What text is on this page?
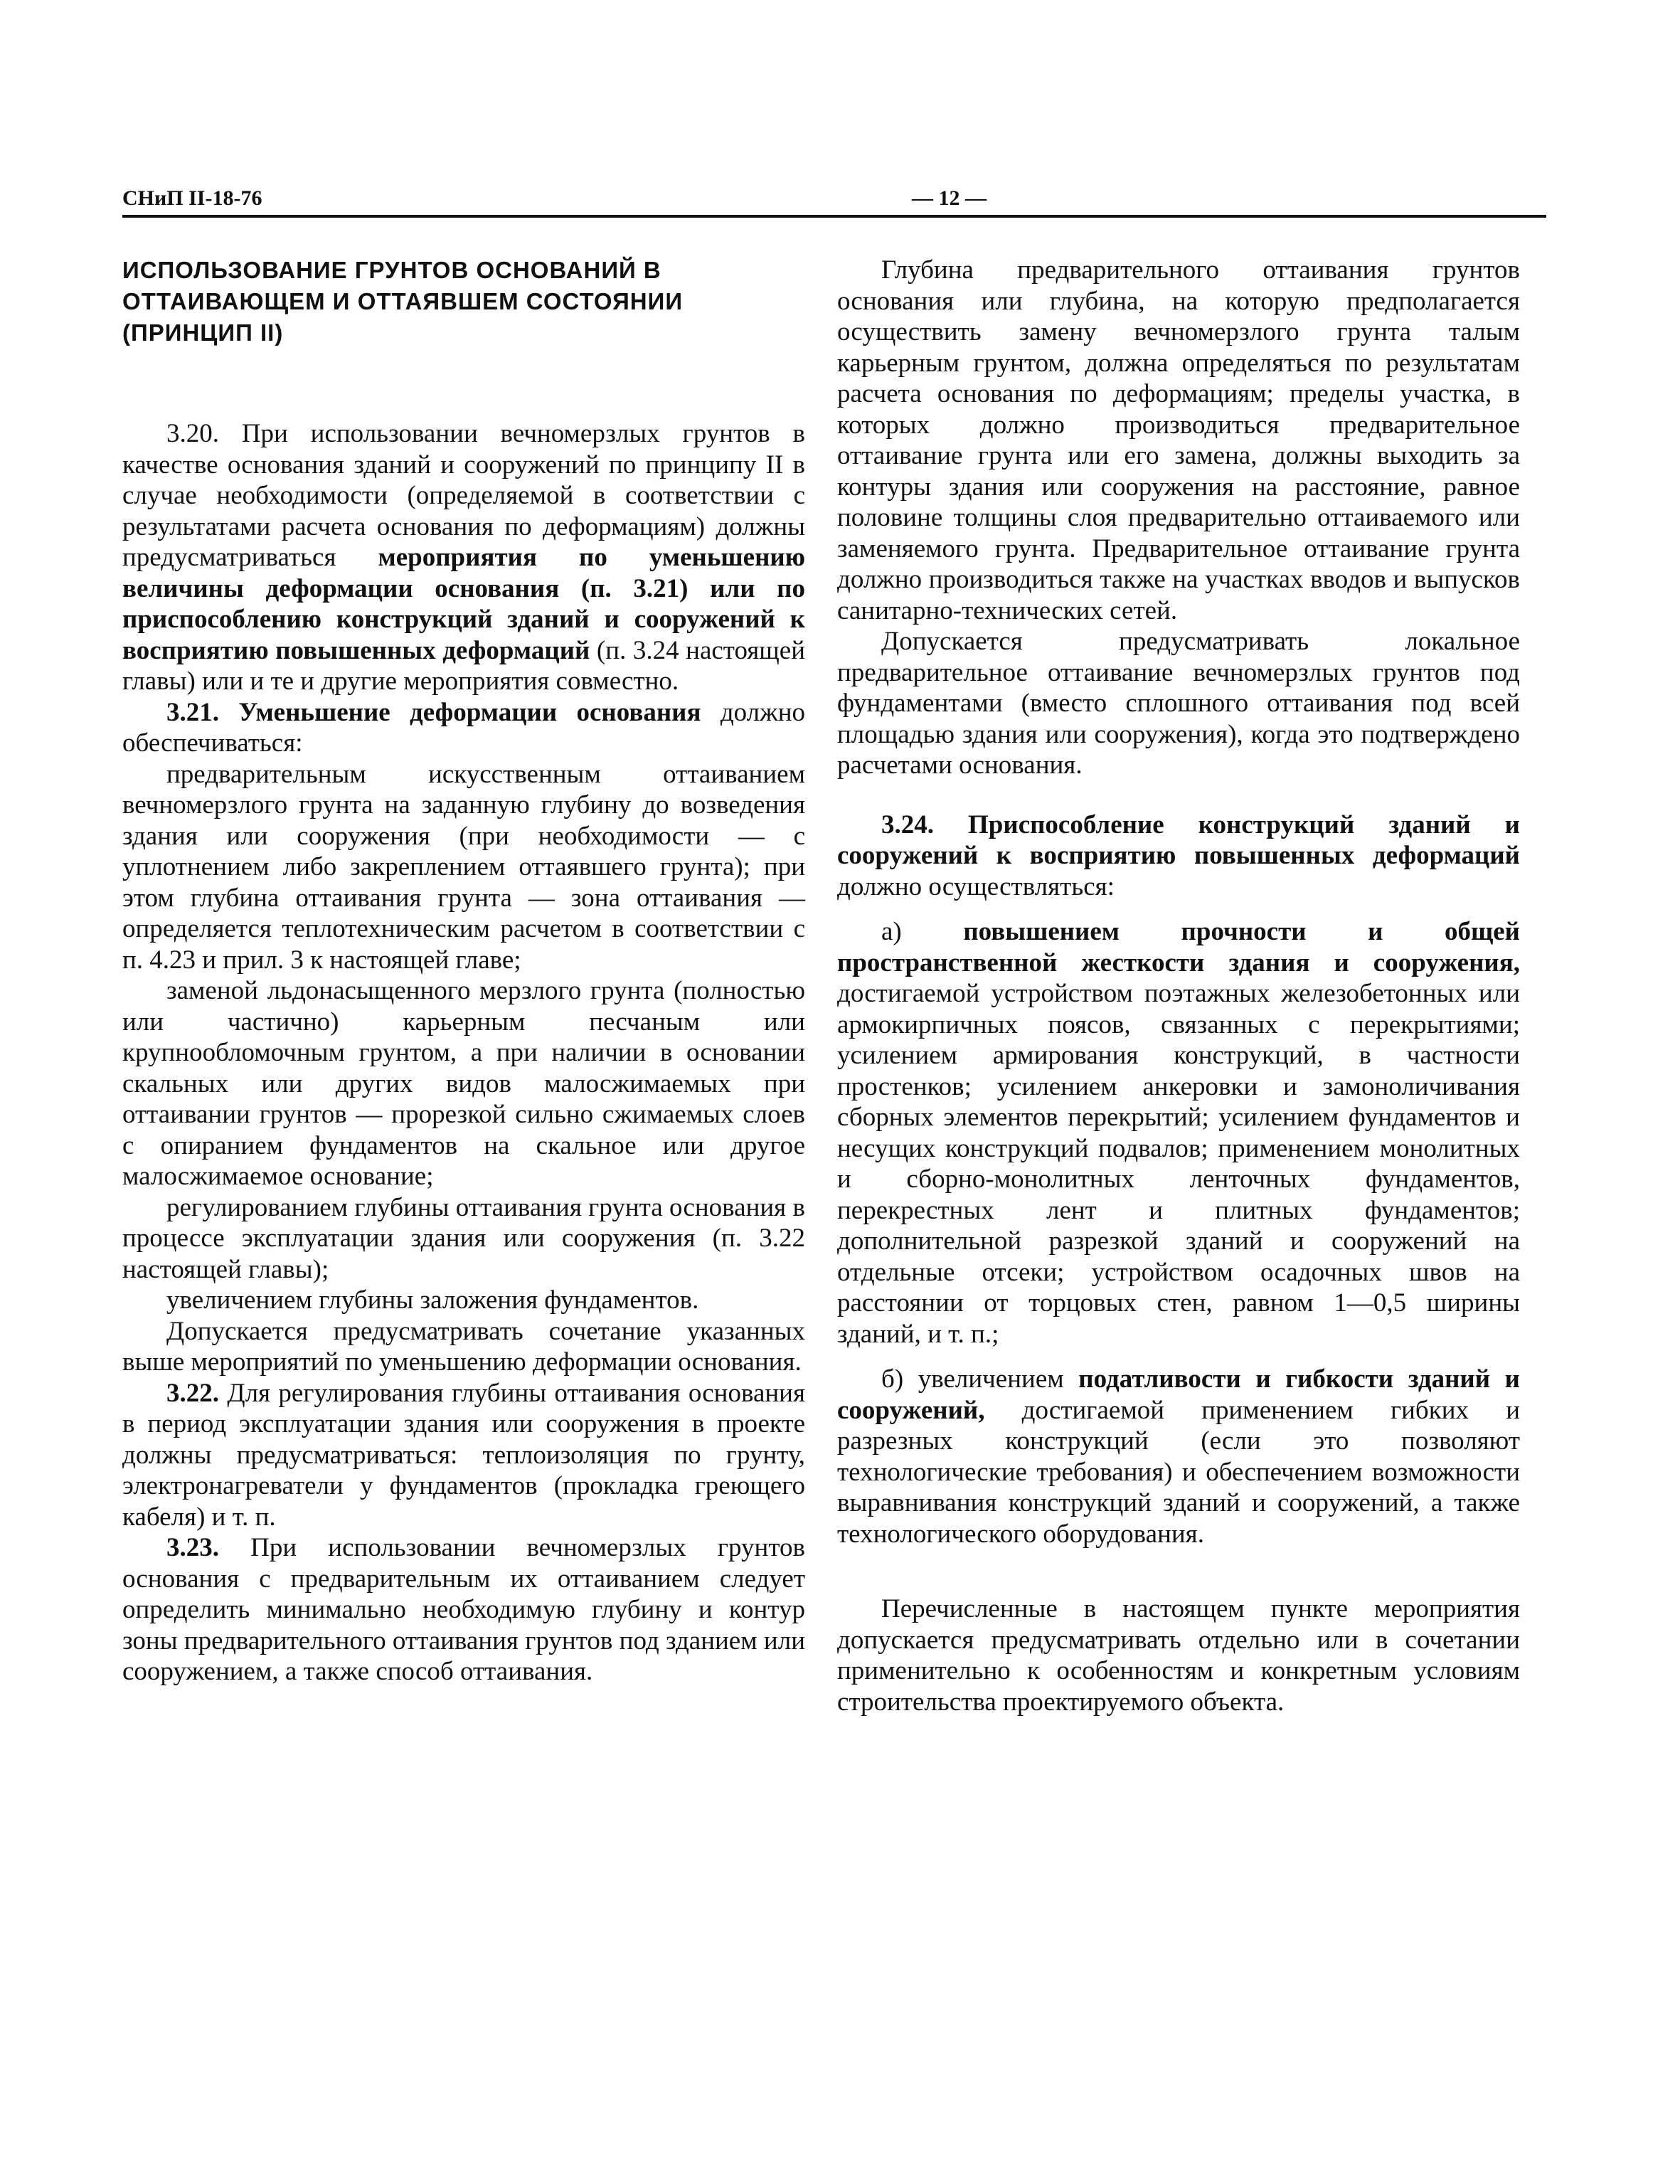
СНиП II-18-76	— 12 —
ИСПОЛЬЗОВАНИЕ ГРУНТОВ ОСНОВАНИЙ В ОТТАИВАЮЩЕМ И ОТТАЯВШЕМ СОСТОЯНИИ (ПРИНЦИП II)

3.20. При использовании вечномерзлых грунтов в качестве основания зданий и сооружений по принципу II в случае необходимости (определяемой в соответствии с результатами расчета основания по деформациям) должны предусматриваться мероприятия по уменьшению величины деформации основания (п. 3.21) или по приспособлению конструкций зданий и сооружений к восприятию повышенных деформаций (п. 3.24 настоящей главы) или и те и другие мероприятия совместно.

3.21. Уменьшение деформации основания должно обеспечиваться:

предварительным искусственным оттаиванием вечномерзлого грунта на заданную глубину до возведения здания или сооружения (при необходимости — с уплотнением либо закреплением оттаявшего грунта); при этом глубина оттаивания грунта — зона оттаивания — определяется теплотехническим расчетом в соответствии с п. 4.23 и прил. 3 к настоящей главе;

заменой льдонасыщенного мерзлого грунта (полностью или частично) карьерным песчаным или крупнообломочным грунтом, а при наличии в основании скальных или других видов малосжимаемых при оттаивании грунтов — прорезкой сильно сжимаемых слоев с опиранием фундаментов на скальное или другое малосжимаемое основание;

регулированием глубины оттаивания грунта основания в процессе эксплуатации здания или сооружения (п. 3.22 настоящей главы);

увеличением глубины заложения фундаментов.

Допускается предусматривать сочетание указанных выше мероприятий по уменьшению деформации основания.

3.22. Для регулирования глубины оттаивания основания в период эксплуатации здания или сооружения в проекте должны предусматриваться: теплоизоляция по грунту, электронагреватели у фундаментов (прокладка греющего кабеля) и т. п.

3.23. При использовании вечномерзлых грунтов основания с предварительным их оттаиванием следует определить минимально необходимую глубину и контур зоны предварительного оттаивания грунтов под зданием или сооружением, а также способ оттаивания.

Глубина предварительного оттаивания грунтов основания или глубина, на которую предполагается осуществить замену вечномерзлого грунта талым карьерным грунтом, должна определяться по результатам расчета основания по деформациям; пределы участка, в которых должно производиться предварительное оттаивание грунта или его замена, должны выходить за контуры здания или сооружения на расстояние, равное половине толщины слоя предварительно оттаиваемого или заменяемого грунта. Предварительное оттаивание грунта должно производиться также на участках вводов и выпусков санитарно-технических сетей.

Допускается предусматривать локальное предварительное оттаивание вечномерзлых грунтов под фундаментами (вместо сплошного оттаивания под всей площадью здания или сооружения), когда это подтверждено расчетами основания.

3.24. Приспособление конструкций зданий и сооружений к восприятию повышенных деформаций должно осуществляться:

а) повышением прочности и общей пространственной жесткости здания и сооружения, достигаемой устройством поэтажных железобетонных или армокирпичных поясов, связанных с перекрытиями; усилением армирования конструкций, в частности простенков; усилением анкеровки и замоноличивания сборных элементов перекрытий; усилением фундаментов и несущих конструкций подвалов; применением монолитных и сборно-монолитных ленточных фундаментов, перекрестных лент и плитных фундаментов; дополнительной разрезкой зданий и сооружений на отдельные отсеки; устройством осадочных швов на расстоянии от торцовых стен, равном 1—0,5 ширины зданий, и т. п.;

б) увеличением податливости и гибкости зданий и сооружений, достигаемой применением гибких и разрезных конструкций (если это позволяют технологические требования) и обеспечением возможности выравнивания конструкций зданий и сооружений, а также технологического оборудования.

Перечисленные в настоящем пункте мероприятия допускается предусматривать отдельно или в сочетании применительно к особенностям и конкретным условиям строительства проектируемого объекта.
